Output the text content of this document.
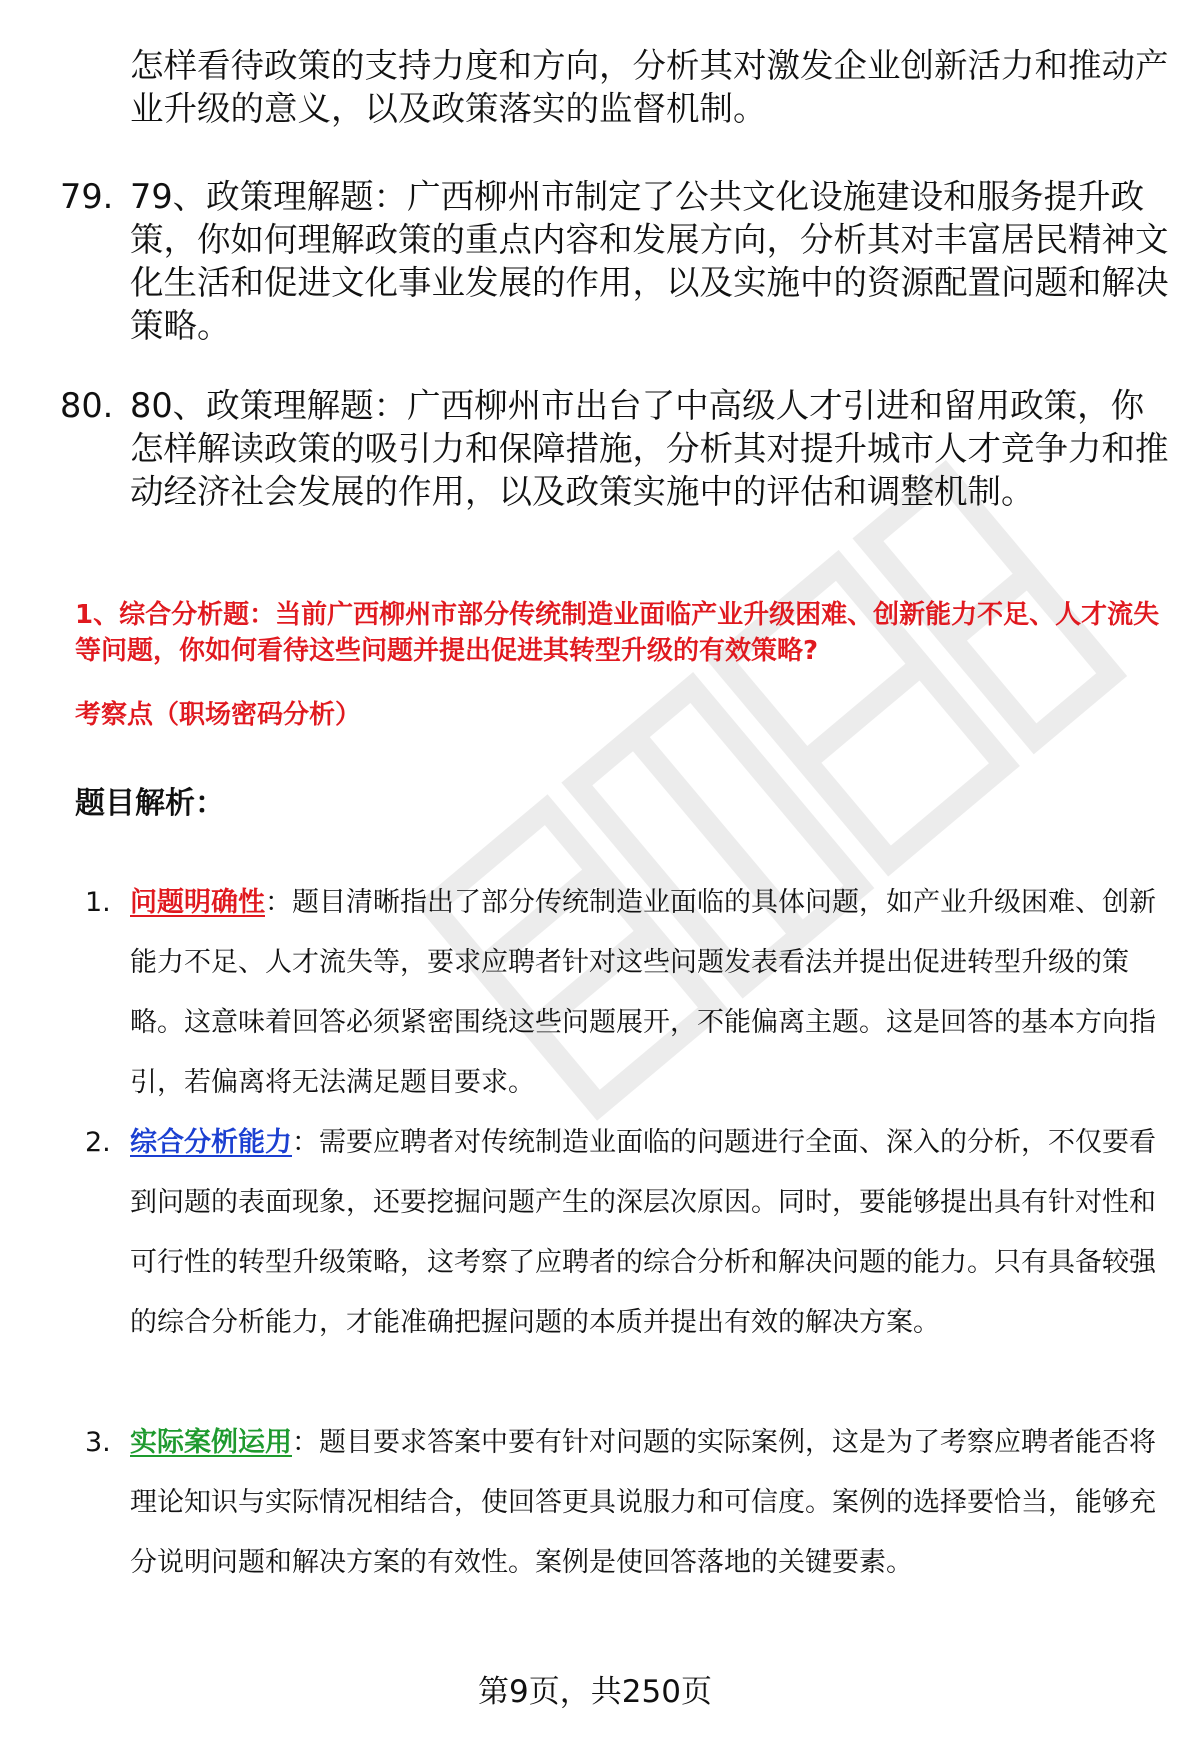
怎样看待政策的支持力度和方向，分析其对激发企业创新活力和推动产业升级的意义，以及政策落实的监督机制。
79. 79、政策理解题：广西柳州市制定了公共文化设施建设和服务提升政策，你如何理解政策的重点内容和发展方向，分析其对丰富居民精神文化生活和促进文化事业发展的作用，以及实施中的资源配置问题和解决策略。
80. 80、政策理解题：广西柳州市出台了中高级人才引进和留用政策，你怎样解读政策的吸引力和保障措施，分析其对提升城市人才竞争力和推动经济社会发展的作用，以及政策实施中的评估和调整机制。
1、综合分析题：当前广西柳州市部分传统制造业面临产业升级困难、创新能力不足、人才流失等问题，你如何看待这些问题并提出促进其转型升级的有效策略?
考察点（职场密码分析）
题目解析：
1. 问题明确性：题目清晰指出了部分传统制造业面临的具体问题，如产业升级困难、创新能力不足、人才流失等，要求应聘者针对这些问题发表看法并提出促进转型升级的策略。这意味着回答必须紧密围绕这些问题展开，不能偏离主题。这是回答的基本方向指引，若偏离将无法满足题目要求。
2. 综合分析能力：需要应聘者对传统制造业面临的问题进行全面、深入的分析，不仅要看到问题的表面现象，还要挖掘问题产生的深层次原因。同时，要能够提出具有针对性和可行性的转型升级策略，这考察了应聘者的综合分析和解决问题的能力。只有具备较强的综合分析能力，才能准确把握问题的本质并提出有效的解决方案。
3. 实际案例运用：题目要求答案中要有针对问题的实际案例，这是为了考察应聘者能否将理论知识与实际情况相结合，使回答更具说服力和可信度。案例的选择要恰当，能够充分说明问题和解决方案的有效性。案例是使回答落地的关键要素。
第9页，共250页
